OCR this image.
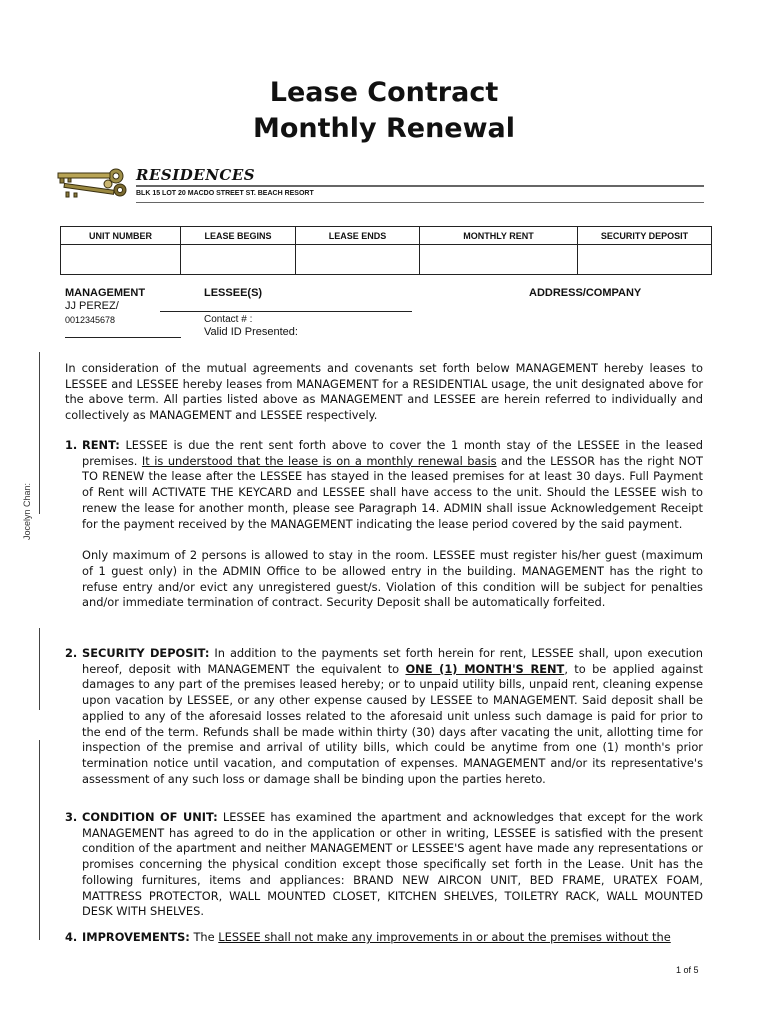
Lease Contract
Monthly Renewal
RESIDENCES
BLK 15 LOT 20 MACDO STREET ST. BEACH RESORT
UNIT NUMBER	LEASE BEGINS	LEASE ENDS	MONTHLY RENT	SECURITY DEPOSIT

MANAGEMENT	LESSEE(S)	ADDRESS/COMPANY
JJ PEREZ/
0012345678	Contact # :
Valid ID Presented:
In consideration of the mutual agreements and covenants set forth below MANAGEMENT hereby leases to LESSEE and LESSEE hereby leases from MANAGEMENT for a RESIDENTIAL usage, the unit designated above for the above term. All parties listed above as MANAGEMENT and LESSEE are herein referred to individually and collectively as MANAGEMENT and LESSEE respectively.
1. RENT: LESSEE is due the rent sent forth above to cover the 1 month stay of the LESSEE in the leased premises. It is understood that the lease is on a monthly renewal basis and the LESSOR has the right NOT TO RENEW the lease after the LESSEE has stayed in the leased premises for at least 30 days. Full Payment of Rent will ACTIVATE THE KEYCARD and LESSEE shall have access to the unit. Should the LESSEE wish to renew the lease for another month, please see Paragraph 14. ADMIN shall issue Acknowledgement Receipt for the payment received by the MANAGEMENT indicating the lease period covered by the said payment.
Only maximum of 2 persons is allowed to stay in the room. LESSEE must register his/her guest (maximum of 1 guest only) in the ADMIN Office to be allowed entry in the building. MANAGEMENT has the right to refuse entry and/or evict any unregistered guest/s. Violation of this condition will be subject for penalties and/or immediate termination of contract. Security Deposit shall be automatically forfeited.
2. SECURITY DEPOSIT: In addition to the payments set forth herein for rent, LESSEE shall, upon execution hereof, deposit with MANAGEMENT the equivalent to ONE (1) MONTH'S RENT, to be applied against damages to any part of the premises leased hereby; or to unpaid utility bills, unpaid rent, cleaning expense upon vacation by LESSEE, or any other expense caused by LESSEE to MANAGEMENT. Said deposit shall be applied to any of the aforesaid losses related to the aforesaid unit unless such damage is paid for prior to the end of the term. Refunds shall be made within thirty (30) days after vacating the unit, allotting time for inspection of the premise and arrival of utility bills, which could be anytime from one (1) month's prior termination notice until vacation, and computation of expenses. MANAGEMENT and/or its representative's assessment of any such loss or damage shall be binding upon the parties hereto.
3. CONDITION OF UNIT: LESSEE has examined the apartment and acknowledges that except for the work MANAGEMENT has agreed to do in the application or other in writing, LESSEE is satisfied with the present condition of the apartment and neither MANAGEMENT or LESSEE'S agent have made any representations or promises concerning the physical condition except those specifically set forth in the Lease. Unit has the following furnitures, items and appliances: BRAND NEW AIRCON UNIT, BED FRAME, URATEX FOAM, MATTRESS PROTECTOR, WALL MOUNTED CLOSET, KITCHEN SHELVES, TOILETRY RACK, WALL MOUNTED DESK WITH SHELVES.
4. IMPROVEMENTS: The LESSEE shall not make any improvements in or about the premises without the
Jocelyn Chan:
1 of 5
